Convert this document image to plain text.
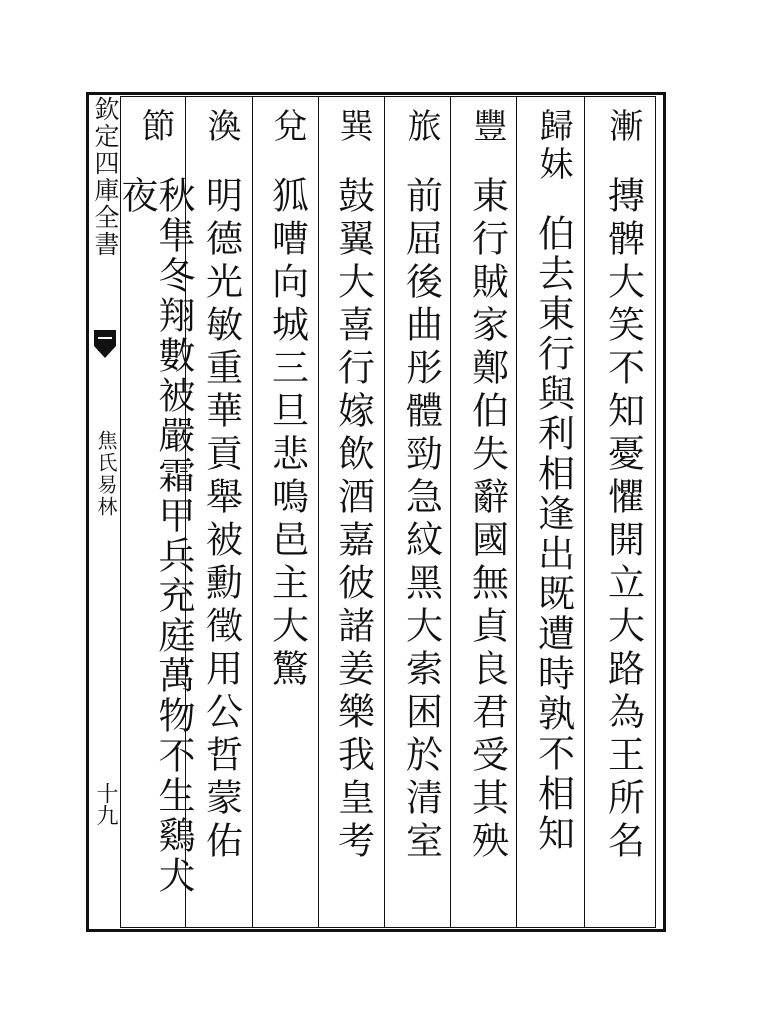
欽定四庫全書
焦氏易林
十九
漸
摶髀大笑不知憂懼開立大路為王所名
歸妹
伯去東行與利相逢出既遭時孰不相知
豐
東行賊家鄭伯失辭國無貞良君受其殃
旅
前屈後曲彤體勁急紋黑大索困於清室
巽
鼓翼大喜行嫁飲酒嘉彼諸姜樂我皇考
兌
狐嘈向城三旦悲鳴邑主大驚
渙
明德光敏重華貢舉被勳徵用公哲蒙佑
節
秋隼冬翔數被嚴霜甲兵充庭萬物不生鷄犬夜
